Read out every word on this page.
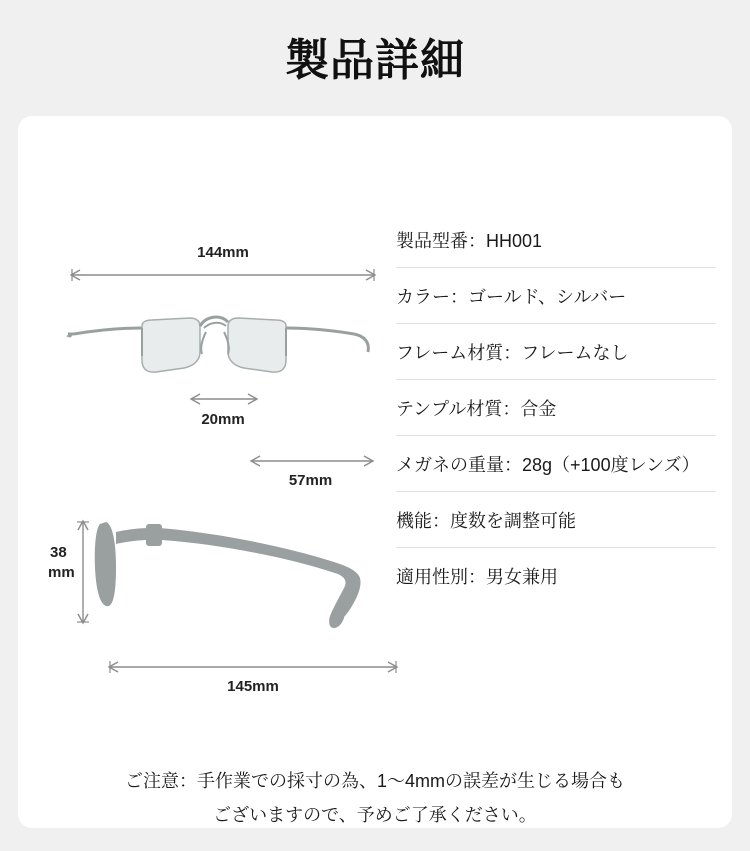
製品詳細
144mm
20mm
57mm
38
mm
145mm
製品型番：HH001
カラー：ゴールド、シルバー
フレーム材質：フレームなし
テンプル材質：合金
メガネの重量：28g（+100度レンズ）
機能：度数を調整可能
適用性別：男女兼用
ご注意：手作業での採寸の為、1〜4mmの誤差が生じる場合も
ございますので、予めご了承ください。
